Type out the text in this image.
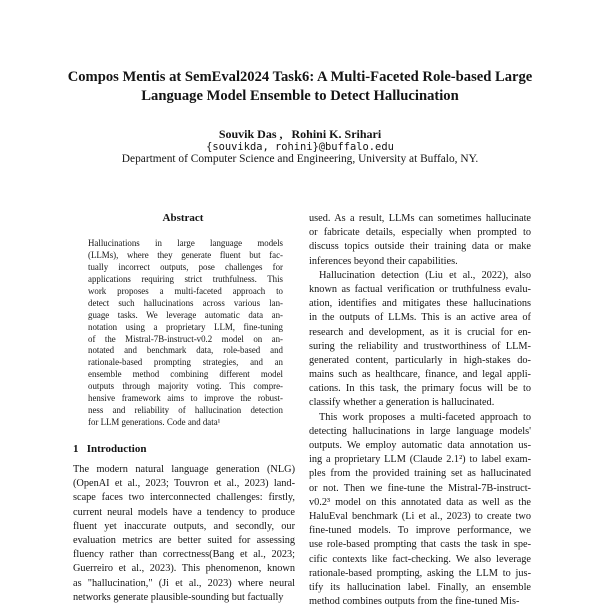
Compos Mentis at SemEval2024 Task6: A Multi-Faceted Role-based Large
Language Model Ensemble to Detect Hallucination
Souvik Das ,   Rohini K. Srihari
{souvikda, rohini}@buffalo.edu
Department of Computer Science and Engineering, University at Buffalo, NY.
Abstract
Hallucinations in large language models
(LLMs), where they generate fluent but fac-
tually incorrect outputs, pose challenges for
applications requiring strict truthfulness. This
work proposes a multi-faceted approach to
detect such hallucinations across various lan-
guage tasks. We leverage automatic data an-
notation using a proprietary LLM, fine-tuning
of the Mistral-7B-instruct-v0.2 model on an-
notated and benchmark data, role-based and
rationale-based prompting strategies, and an
ensemble method combining different model
outputs through majority voting. This compre-
hensive framework aims to improve the robust-
ness and reliability of hallucination detection
for LLM generations. Code and data¹
1   Introduction
The modern natural language generation (NLG)
(OpenAI et al., 2023; Touvron et al., 2023) land-
scape faces two interconnected challenges: firstly,
current neural models have a tendency to produce
fluent yet inaccurate outputs, and secondly, our
evaluation metrics are better suited for assessing
fluency rather than correctness(Bang et al., 2023;
Guerreiro et al., 2023). This phenomenon, known
as "hallucination," (Ji et al., 2023) where neural
networks generate plausible-sounding but factually
used. As a result, LLMs can sometimes hallucinate
or fabricate details, especially when prompted to
discuss topics outside their training data or make
inferences beyond their capabilities.
Hallucination detection (Liu et al., 2022), also
known as factual verification or truthfulness evalu-
ation, identifies and mitigates these hallucinations
in the outputs of LLMs. This is an active area of
research and development, as it is crucial for en-
suring the reliability and trustworthiness of LLM-
generated content, particularly in high-stakes do-
mains such as healthcare, finance, and legal appli-
cations. In this task, the primary focus will be to
classify whether a generation is hallucinated.
This work proposes a multi-faceted approach to
detecting hallucinations in large language models'
outputs. We employ automatic data annotation us-
ing a proprietary LLM (Claude 2.1²) to label exam-
ples from the provided training set as hallucinated
or not. Then we fine-tune the Mistral-7B-instruct-
v0.2³ model on this annotated data as well as the
HaluEval benchmark (Li et al., 2023) to create two
fine-tuned models. To improve performance, we
use role-based prompting that casts the task in spe-
cific contexts like fact-checking. We also leverage
rationale-based prompting, asking the LLM to jus-
tify its hallucination label. Finally, an ensemble
method combines outputs from the fine-tuned Mis-
